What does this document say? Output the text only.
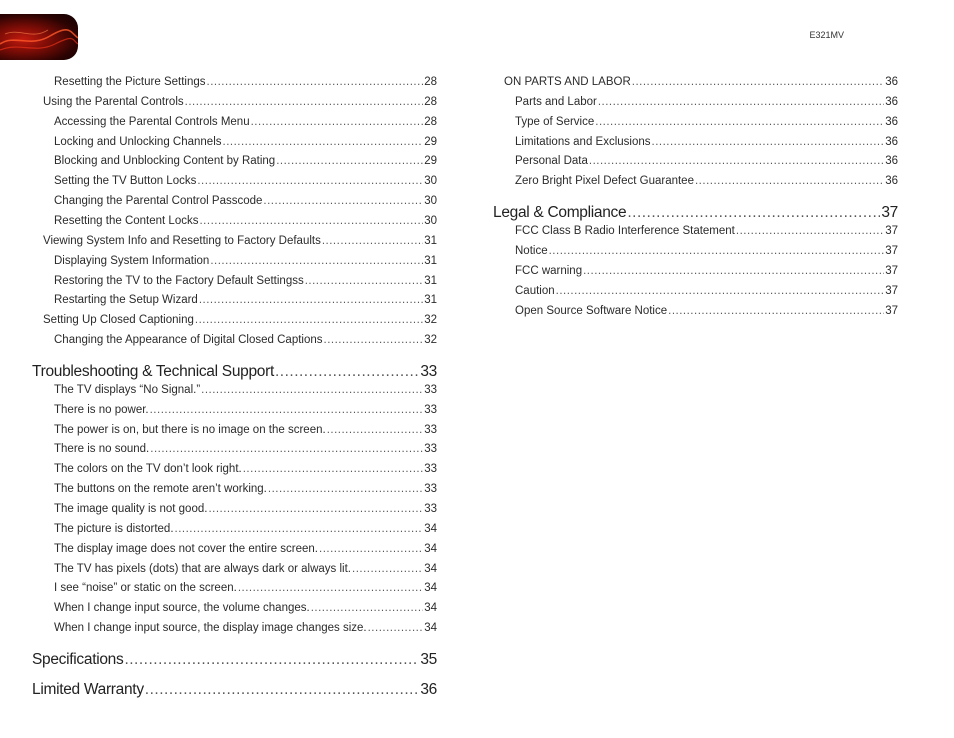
E321MV
Resetting the Picture Settings .....	28
Using the Parental Controls .....	28
Accessing the Parental Controls Menu .....	28
Locking and Unlocking Channels .....	29
Blocking and Unblocking Content by Rating .....	29
Setting the TV Button Locks .....	30
Changing the Parental Control Passcode .....	30
Resetting the Content Locks .....	30
Viewing System Info and Resetting to Factory Defaults .....	31
Displaying System Information .....	31
Restoring the TV to the Factory Default Settingss .....	31
Restarting the Setup Wizard .....	31
Setting Up Closed Captioning .....	32
Changing the Appearance of Digital Closed Captions .....	32
Troubleshooting & Technical Support .....	33
The TV displays “No Signal.” .....	33
There is no power. .....	33
The power is on, but there is no image on the screen. .....	33
There is no sound. .....	33
The colors on the TV don’t look right. .....	33
The buttons on the remote aren’t working. .....	33
The image quality is not good. .....	33
The picture is distorted. .....	34
The display image does not cover the entire screen. .....	34
The TV has pixels (dots) that are always dark or always lit. .....	34
I see “noise” or static on the screen. .....	34
When I change input source, the volume changes. .....	34
When I change input source, the display image changes size. .....	34
Specifications .....	35
Limited Warranty .....	36
ON PARTS AND LABOR .....	36
Parts and Labor .....	36
Type of Service .....	36
Limitations and Exclusions .....	36
Personal Data .....	36
Zero Bright Pixel Defect Guarantee .....	36
Legal & Compliance .....	37
FCC Class B Radio Interference Statement .....	37
Notice .....	37
FCC warning .....	37
Caution .....	37
Open Source Software Notice .....	37
